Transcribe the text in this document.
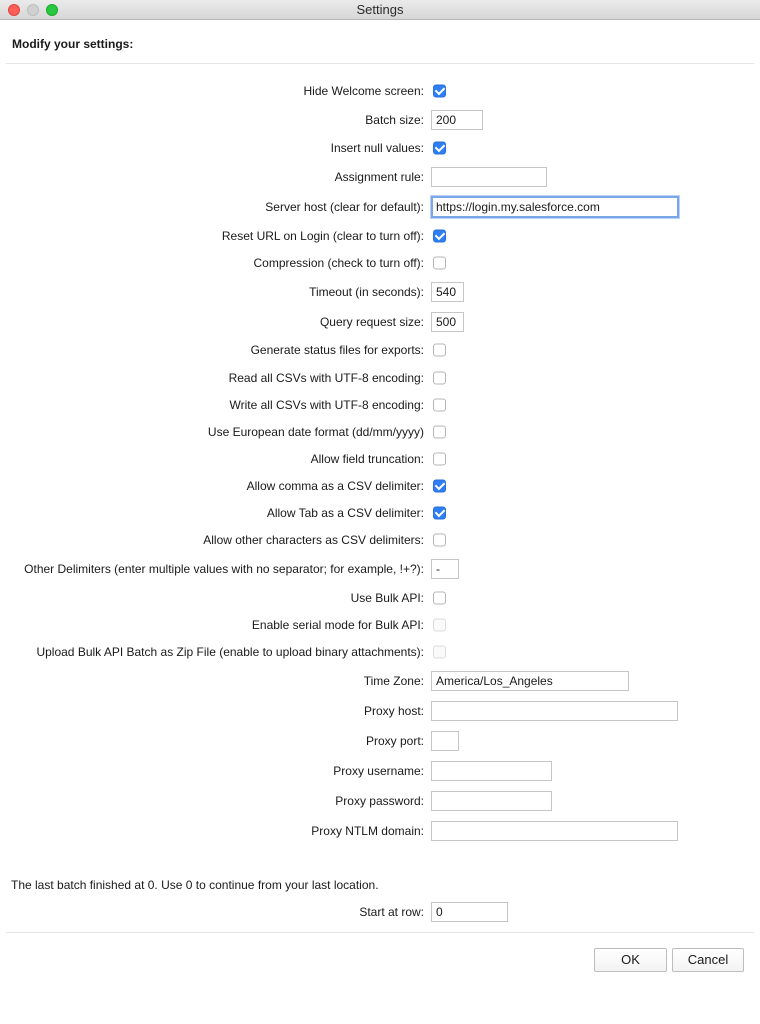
Settings
Modify your settings:
Hide Welcome screen:
Batch size:
200
Insert null values:
Assignment rule:
Server host (clear for default):
https://login.my.salesforce.com
Reset URL on Login (clear to turn off):
Compression (check to turn off):
Timeout (in seconds):
540
Query request size:
500
Generate status files for exports:
Read all CSVs with UTF-8 encoding:
Write all CSVs with UTF-8 encoding:
Use European date format (dd/mm/yyyy)
Allow field truncation:
Allow comma as a CSV delimiter:
Allow Tab as a CSV delimiter:
Allow other characters as CSV delimiters:
Other Delimiters (enter multiple values with no separator; for example, !+?):
-
Use Bulk API:
Enable serial mode for Bulk API:
Upload Bulk API Batch as Zip File (enable to upload binary attachments):
Time Zone:
America/Los_Angeles
Proxy host:
Proxy port:
Proxy username:
Proxy password:
Proxy NTLM domain:
The last batch finished at 0. Use 0 to continue from your last location.
Start at row:
0
OK	Cancel
